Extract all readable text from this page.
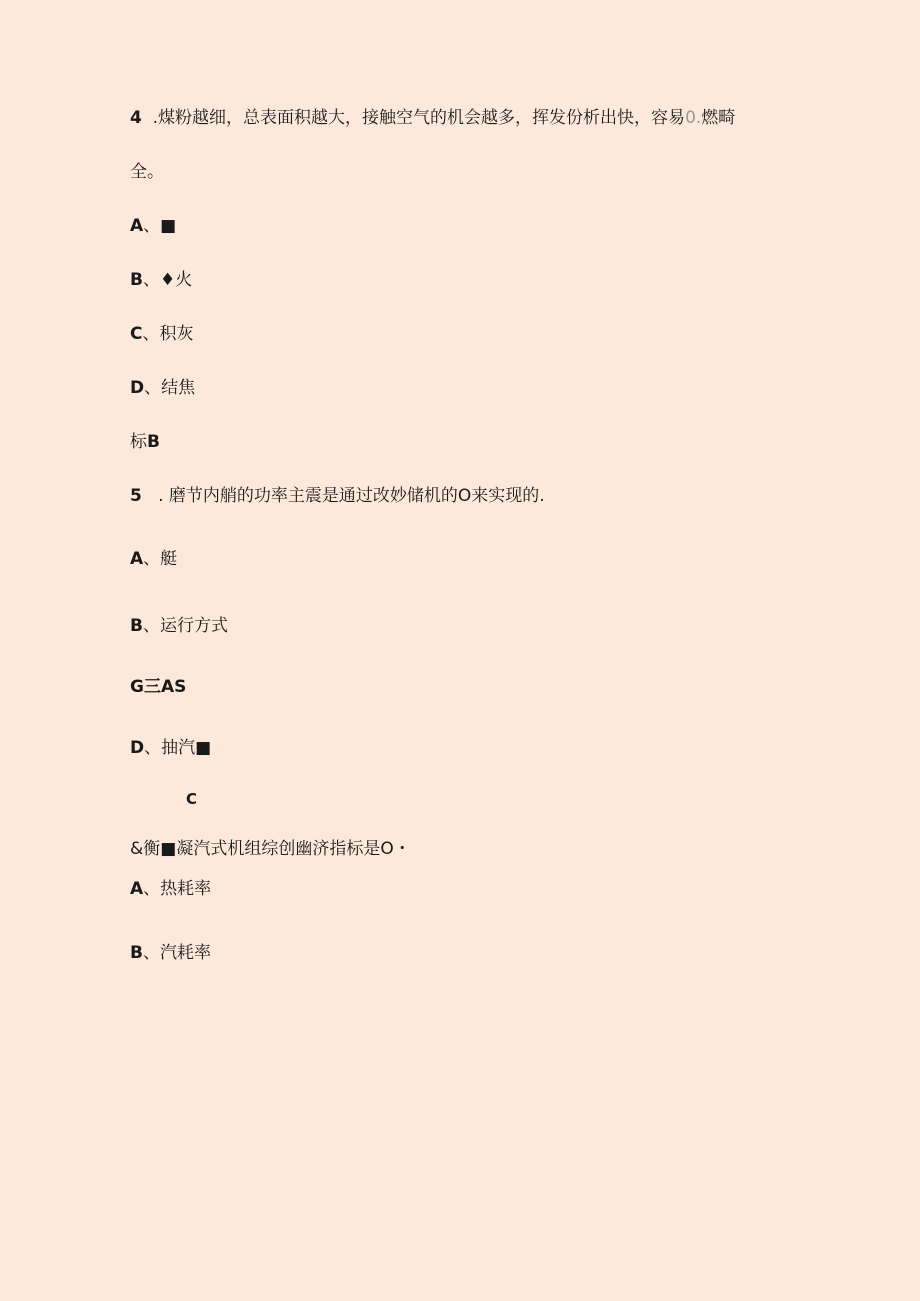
4 .煤粉越细，总表面积越大，接触空气的机会越多，挥发份析出快，容易0.燃畸
全。
A、■
B、♦火
C、积灰
D、结焦
标B
5 . 磨节内艄的功率主震是通过改妙储机的O来实现的.
A、艇
B、运行方式
G三AS
D、抽汽■
C
&衡■凝汽式机组综创幽济指标是O・
A、热耗率
B、汽耗率
